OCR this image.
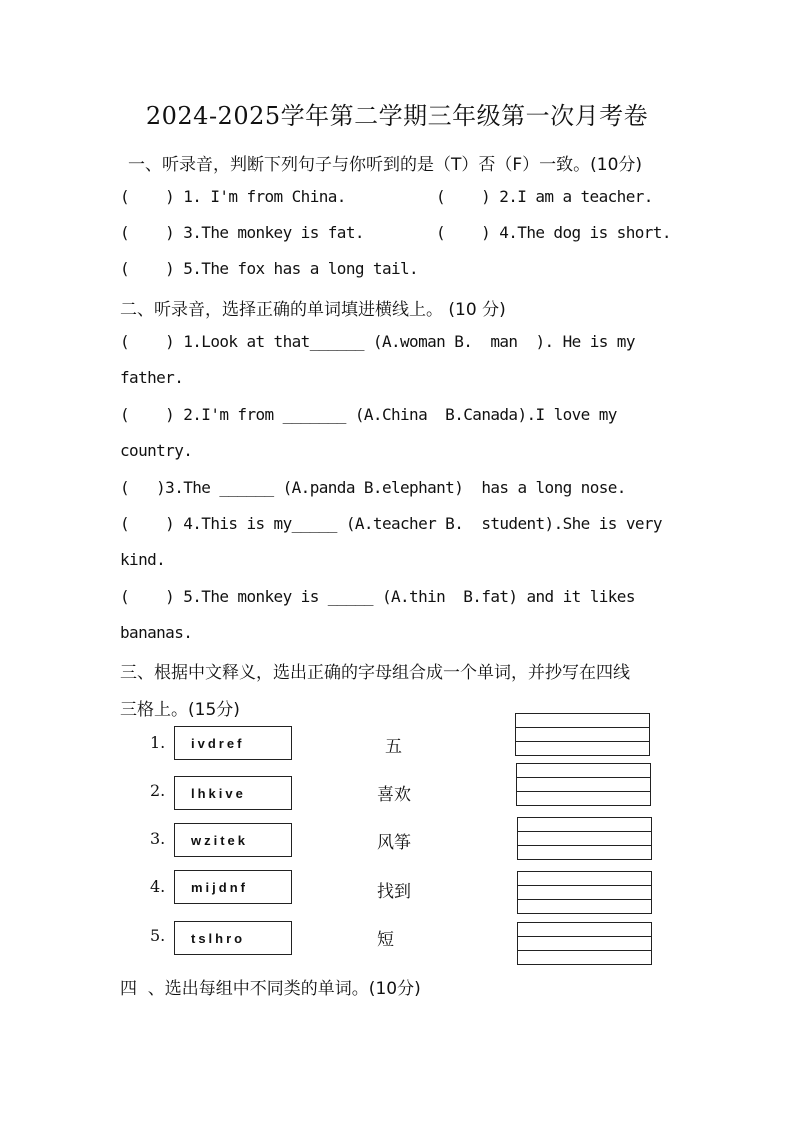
2024-2025学年第二学期三年级第一次月考卷
一、听录音，判断下列句子与你听到的是（T）否（F）一致。(10分)
(    ) 1. I'm from China.	(    ) 2.I am a teacher.
(    ) 3.The monkey is fat.	(    ) 4.The dog is short.
(    ) 5.The fox has a long tail.
二、听录音，选择正确的单词填进横线上。 (10 分)
(    ) 1.Look at that______ (A.woman B.  man  ). He is my
father.
(    ) 2.I'm from _______ (A.China  B.Canada).I love my
country.
(   )3.The ______ (A.panda B.elephant)  has a long nose.
(    ) 4.This is my_____ (A.teacher B.  student).She is very
kind.
(    ) 5.The monkey is _____ (A.thin  B.fat) and it likes
bananas.
三、根据中文释义，选出正确的字母组合成一个单词，并抄写在四线
三格上。(15分)
1.	ivdref	五
2.	lhkive	喜欢
3.	wzitek	风筝
4.	mijdnf	找到
5.	tslhro	短
四  、选出每组中不同类的单词。(10分)
